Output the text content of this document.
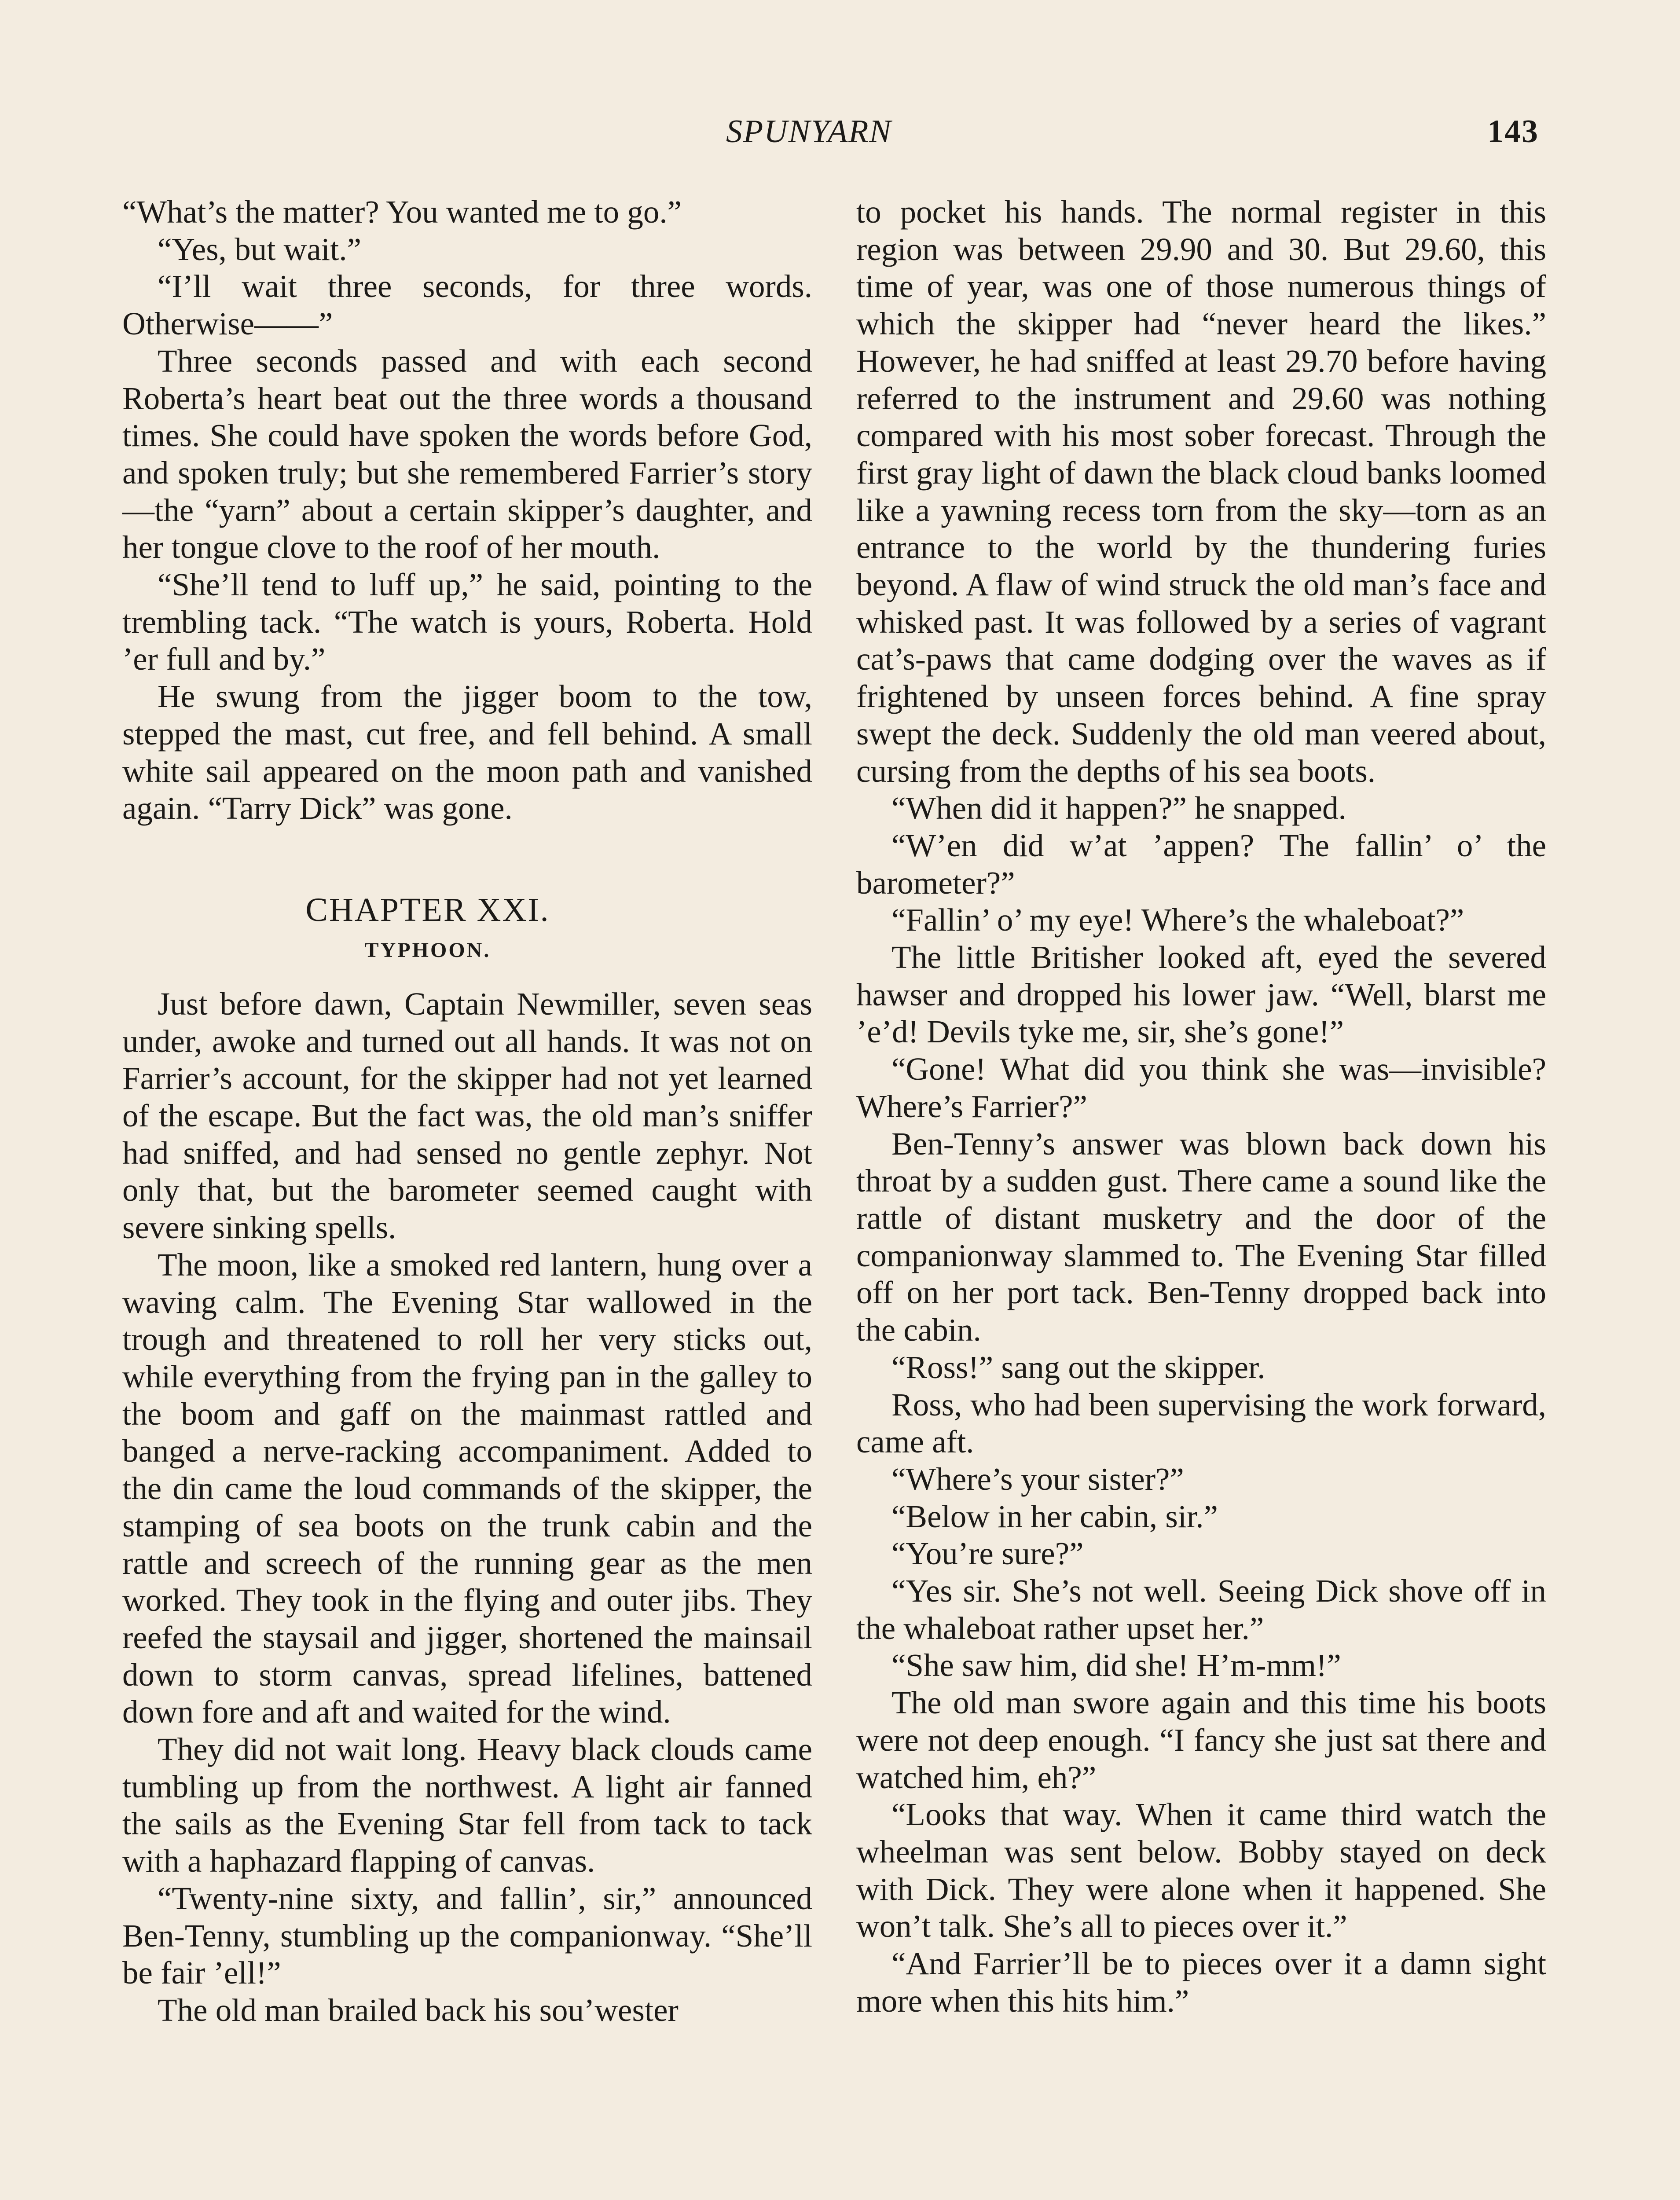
SPUNYARN	143

“What’s the matter? You wanted me to go.”

“Yes, but wait.”

“I’ll wait three seconds, for three words. Otherwise——”

Three seconds passed and with each second Roberta’s heart beat out the three words a thousand times. She could have spoken the words before God, and spoken truly; but she remembered Farrier’s story—the “yarn” about a certain skipper’s daughter, and her tongue clove to the roof of her mouth.

“She’ll tend to luff up,” he said, pointing to the trembling tack. “The watch is yours, Roberta. Hold ’er full and by.”

He swung from the jigger boom to the tow, stepped the mast, cut free, and fell behind. A small white sail appeared on the moon path and vanished again. “Tarry Dick” was gone.

CHAPTER XXI.

TYPHOON.

Just before dawn, Captain Newmiller, seven seas under, awoke and turned out all hands. It was not on Farrier’s account, for the skipper had not yet learned of the escape. But the fact was, the old man’s sniffer had sniffed, and had sensed no gentle zephyr. Not only that, but the barometer seemed caught with severe sinking spells.

The moon, like a smoked red lantern, hung over a waving calm. The Evening Star wallowed in the trough and threatened to roll her very sticks out, while everything from the frying pan in the galley to the boom and gaff on the mainmast rattled and banged a nerve-racking accompaniment. Added to the din came the loud commands of the skipper, the stamping of sea boots on the trunk cabin and the rattle and screech of the running gear as the men worked. They took in the flying and outer jibs. They reefed the staysail and jigger, shortened the mainsail down to storm canvas, spread lifelines, battened down fore and aft and waited for the wind.

They did not wait long. Heavy black clouds came tumbling up from the northwest. A light air fanned the sails as the Evening Star fell from tack to tack with a haphazard flapping of canvas.

“Twenty-nine sixty, and fallin’, sir,” announced Ben-Tenny, stumbling up the companionway. “She’ll be fair ’ell!”

The old man brailed back his sou’wester

to pocket his hands. The normal register in this region was between 29.90 and 30. But 29.60, this time of year, was one of those numerous things of which the skipper had “never heard the likes.” However, he had sniffed at least 29.70 before having referred to the instrument and 29.60 was nothing compared with his most sober forecast. Through the first gray light of dawn the black cloud banks loomed like a yawning recess torn from the sky—torn as an entrance to the world by the thundering furies beyond. A flaw of wind struck the old man’s face and whisked past. It was followed by a series of vagrant cat’s-paws that came dodging over the waves as if frightened by unseen forces behind. A fine spray swept the deck. Suddenly the old man veered about, cursing from the depths of his sea boots.

“When did it happen?” he snapped.

“W’en did w’at ’appen? The fallin’ o’ the barometer?”

“Fallin’ o’ my eye! Where’s the whaleboat?”

The little Britisher looked aft, eyed the severed hawser and dropped his lower jaw. “Well, blarst me ’e’d! Devils tyke me, sir, she’s gone!”

“Gone! What did you think she was—invisible? Where’s Farrier?”

Ben-Tenny’s answer was blown back down his throat by a sudden gust. There came a sound like the rattle of distant musketry and the door of the companionway slammed to. The Evening Star filled off on her port tack. Ben-Tenny dropped back into the cabin.

“Ross!” sang out the skipper.

Ross, who had been supervising the work forward, came aft.

“Where’s your sister?”

“Below in her cabin, sir.”

“You’re sure?”

“Yes sir. She’s not well. Seeing Dick shove off in the whaleboat rather upset her.”

“She saw him, did she! H’m-mm!”

The old man swore again and this time his boots were not deep enough. “I fancy she just sat there and watched him, eh?”

“Looks that way. When it came third watch the wheelman was sent below. Bobby stayed on deck with Dick. They were alone when it happened. She won’t talk. She’s all to pieces over it.”

“And Farrier’ll be to pieces over it a damn sight more when this hits him.”
